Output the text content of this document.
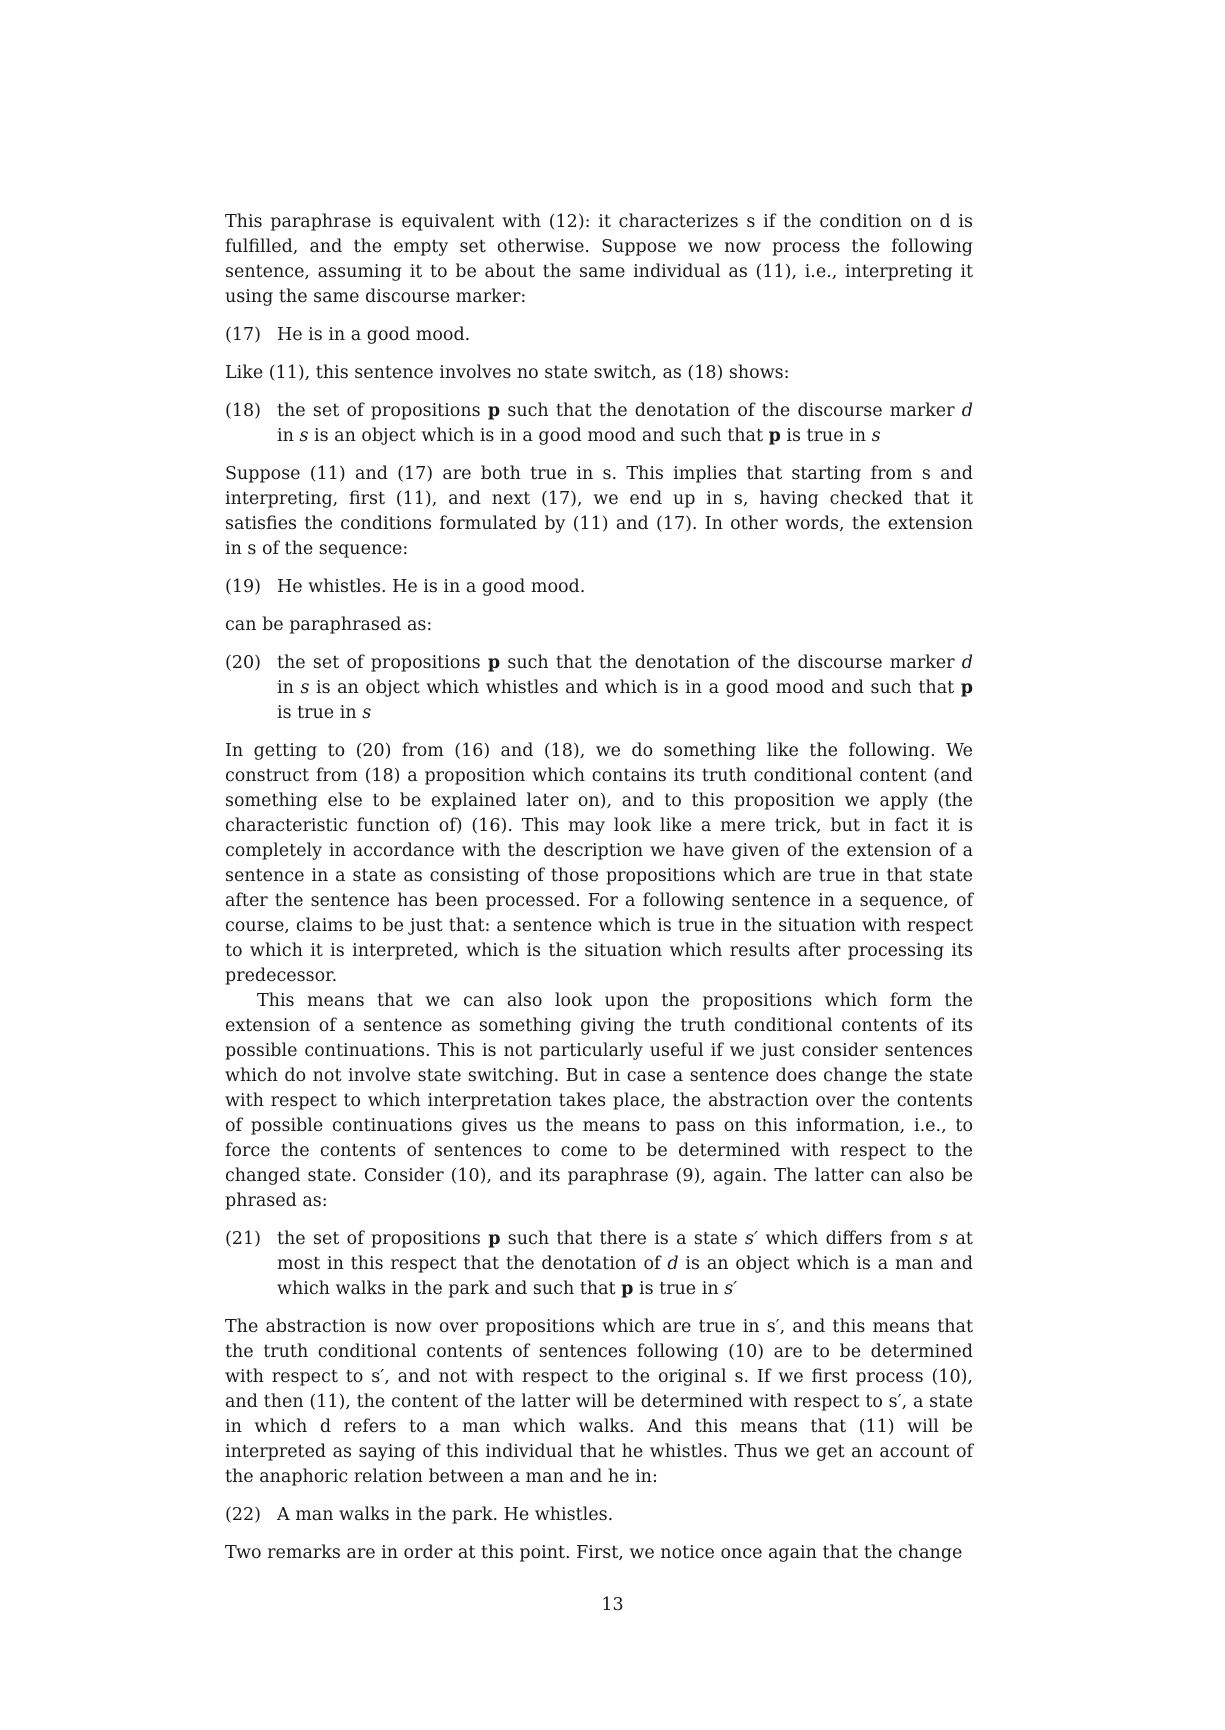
This paraphrase is equivalent with (12): it characterizes s if the condition on d is fulfilled, and the empty set otherwise. Suppose we now process the following sentence, assuming it to be about the same individual as (11), i.e., interpreting it using the same discourse marker:

(17) He is in a good mood.

Like (11), this sentence involves no state switch, as (18) shows:

(18) the set of propositions p such that the denotation of the discourse marker d in s is an object which is in a good mood and such that p is true in s

Suppose (11) and (17) are both true in s. This implies that starting from s and interpreting, first (11), and next (17), we end up in s, having checked that it satisfies the conditions formulated by (11) and (17). In other words, the extension in s of the sequence:

(19) He whistles. He is in a good mood.

can be paraphrased as:

(20) the set of propositions p such that the denotation of the discourse marker d in s is an object which whistles and which is in a good mood and such that p is true in s

In getting to (20) from (16) and (18), we do something like the following. We construct from (18) a proposition which contains its truth conditional content (and something else to be explained later on), and to this proposition we apply (the characteristic function of) (16). This may look like a mere trick, but in fact it is completely in accordance with the description we have given of the extension of a sentence in a state as consisting of those propositions which are true in that state after the sentence has been processed. For a following sentence in a sequence, of course, claims to be just that: a sentence which is true in the situation with respect to which it is interpreted, which is the situation which results after processing its predecessor.

This means that we can also look upon the propositions which form the extension of a sentence as something giving the truth conditional contents of its possible continuations. This is not particularly useful if we just consider sentences which do not involve state switching. But in case a sentence does change the state with respect to which interpretation takes place, the abstraction over the contents of possible continuations gives us the means to pass on this information, i.e., to force the contents of sentences to come to be determined with respect to the changed state. Consider (10), and its paraphrase (9), again. The latter can also be phrased as:

(21) the set of propositions p such that there is a state s′ which differs from s at most in this respect that the denotation of d is an object which is a man and which walks in the park and such that p is true in s′

The abstraction is now over propositions which are true in s′, and this means that the truth conditional contents of sentences following (10) are to be determined with respect to s′, and not with respect to the original s. If we first process (10), and then (11), the content of the latter will be determined with respect to s′, a state in which d refers to a man which walks. And this means that (11) will be interpreted as saying of this individual that he whistles. Thus we get an account of the anaphoric relation between a man and he in:

(22) A man walks in the park. He whistles.

Two remarks are in order at this point. First, we notice once again that the change

13
